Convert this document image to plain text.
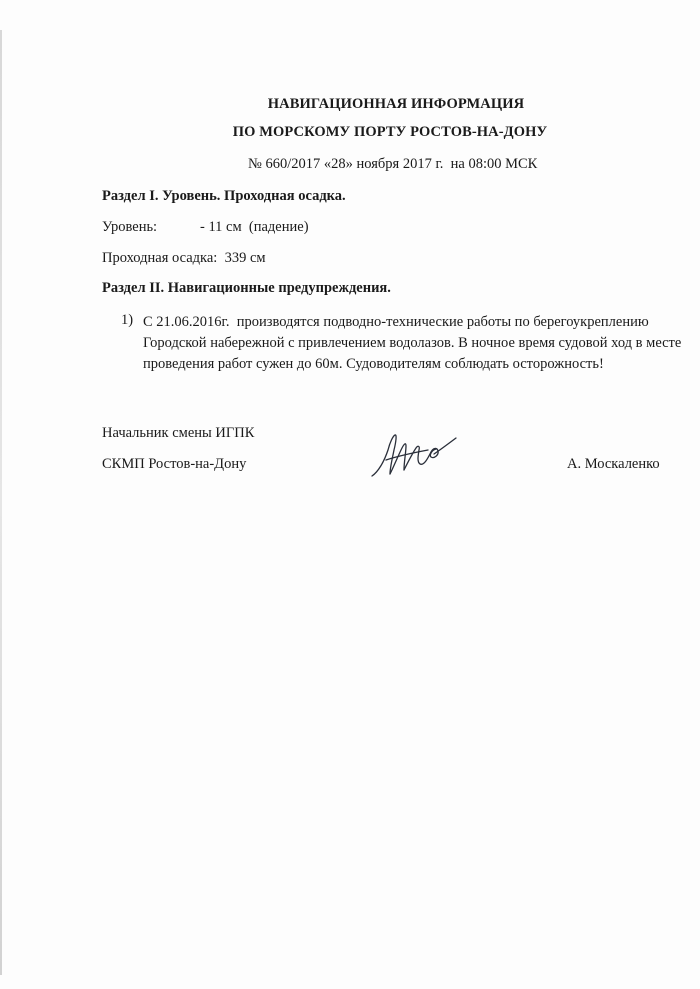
НАВИГАЦИОННАЯ ИНФОРМАЦИЯ
ПО МОРСКОМУ ПОРТУ РОСТОВ-НА-ДОНУ
№ 660/2017 «28» ноября 2017 г.  на 08:00 МСК
Раздел I. Уровень. Проходная осадка.
Уровень:	- 11 см  (падение)
Проходная осадка:  339 см
Раздел II. Навигационные предупреждения.
1) С 21.06.2016г.  производятся подводно-технические работы по берегоукреплению
Городской набережной с привлечением водолазов. В ночное время судовой ход в месте
проведения работ сужен до 60м. Судоводителям соблюдать осторожность!
Начальник смены ИГПК
СКМП Ростов-на-Дону	А. Москаленко
